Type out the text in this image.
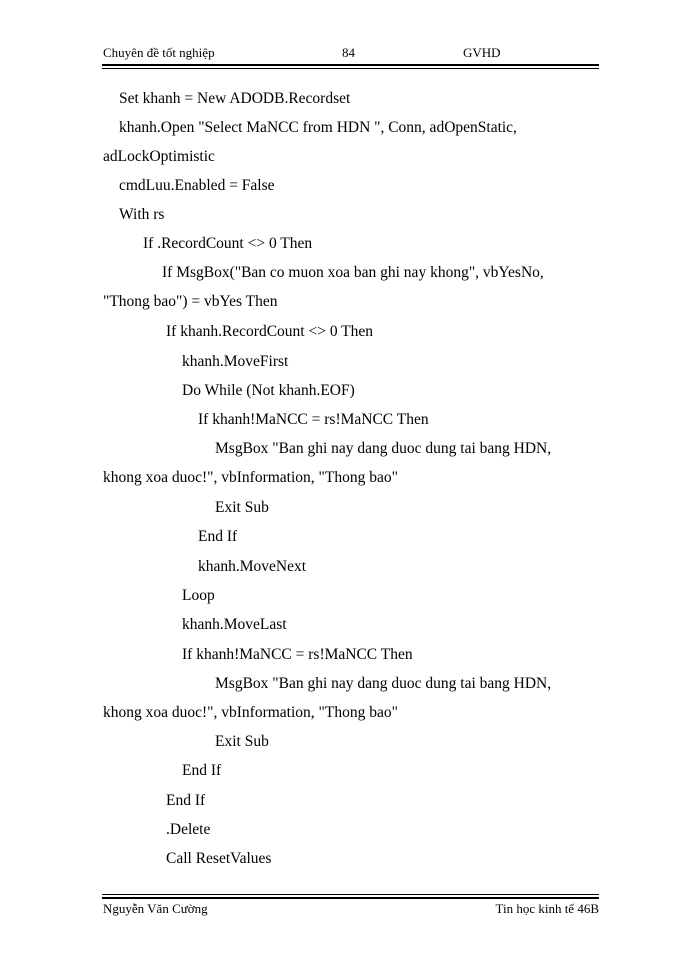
Chuyên đề tốt nghiệp	84	GVHD
Set khanh = New ADODB.Recordset
khanh.Open "Select MaNCC from HDN ", Conn, adOpenStatic,
adLockOptimistic
cmdLuu.Enabled = False
With rs
If .RecordCount <> 0 Then
If MsgBox("Ban co muon xoa ban ghi nay khong", vbYesNo,
"Thong bao") = vbYes Then
If khanh.RecordCount <> 0 Then
khanh.MoveFirst
Do While (Not khanh.EOF)
If khanh!MaNCC = rs!MaNCC Then
MsgBox "Ban ghi nay dang duoc dung tai bang HDN,
khong xoa duoc!", vbInformation, "Thong bao"
Exit Sub
End If
khanh.MoveNext
Loop
khanh.MoveLast
If khanh!MaNCC = rs!MaNCC Then
MsgBox "Ban ghi nay dang duoc dung tai bang HDN,
khong xoa duoc!", vbInformation, "Thong bao"
Exit Sub
End If
End If
.Delete
Call ResetValues
Nguyễn Văn Cường	Tin học kinh tế 46B
